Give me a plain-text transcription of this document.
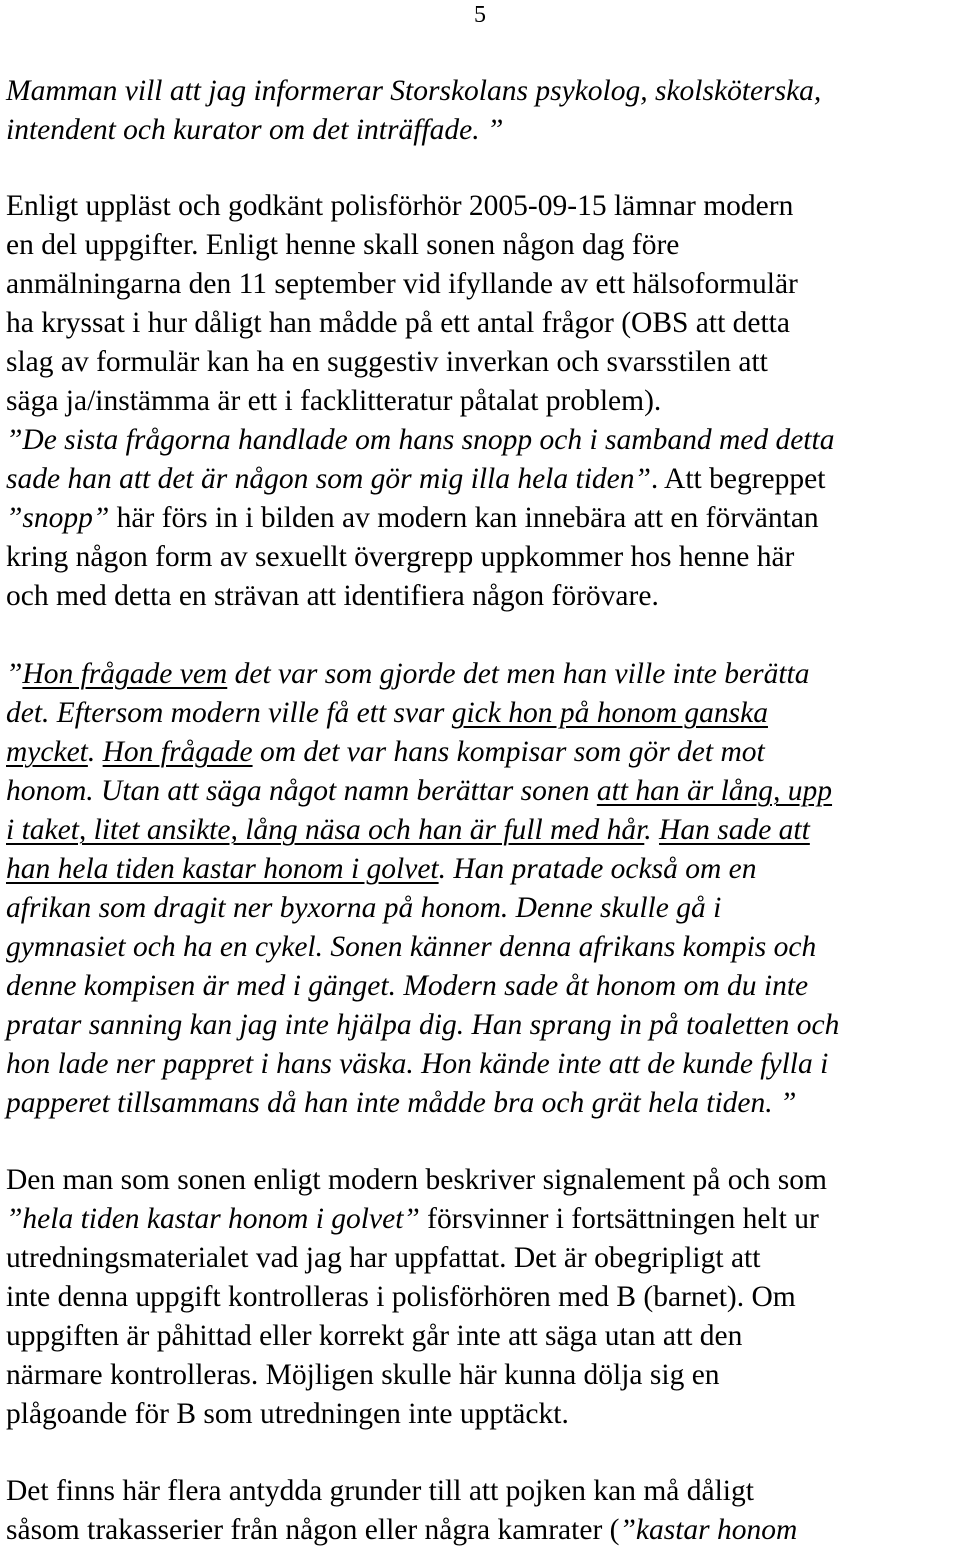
5
Mamman vill att jag informerar Storskolans psykolog, skolsköterska,
intendent och kurator om det inträffade. ”
Enligt uppläst och godkänt polisförhör 2005-09-15 lämnar modern
en del uppgifter. Enligt henne skall sonen någon dag före
anmälningarna den 11 september vid ifyllande av ett hälsoformulär
ha kryssat i hur dåligt han mådde på ett antal frågor (OBS att detta
slag av formulär kan ha en suggestiv inverkan och svarsstilen att
säga ja/instämma är ett i facklitteratur påtalat problem).
”De sista frågorna handlade om hans snopp och i samband med detta
sade han att det är någon som gör mig illa hela tiden”. Att begreppet
”snopp” här förs in i bilden av modern kan innebära att en förväntan
kring någon form av sexuellt övergrepp uppkommer hos henne här
och med detta en strävan att identifiera någon förövare.
”Hon frågade vem det var som gjorde det men han ville inte berätta
det. Eftersom modern ville få ett svar gick hon på honom ganska
mycket. Hon frågade om det var hans kompisar som gör det mot
honom. Utan att säga något namn berättar sonen att han är lång, upp
i taket, litet ansikte, lång näsa och han är full med hår. Han sade att
han hela tiden kastar honom i golvet. Han pratade också om en
afrikan som dragit ner byxorna på honom. Denne skulle gå i
gymnasiet och ha en cykel. Sonen känner denna afrikans kompis och
denne kompisen är med i gänget. Modern sade åt honom om du inte
pratar sanning kan jag inte hjälpa dig. Han sprang in på toaletten och
hon lade ner pappret i hans väska. Hon kände inte att de kunde fylla i
papperet tillsammans då han inte mådde bra och grät hela tiden. ”
Den man som sonen enligt modern beskriver signalement på och som
”hela tiden kastar honom i golvet” försvinner i fortsättningen helt ur
utredningsmaterialet vad jag har uppfattat. Det är obegripligt att
inte denna uppgift kontrolleras i polisförhören med B (barnet). Om
uppgiften är påhittad eller korrekt går inte att säga utan att den
närmare kontrolleras. Möjligen skulle här kunna dölja sig en
plågoande för B som utredningen inte upptäckt.
Det finns här flera antydda grunder till att pojken kan må dåligt
såsom trakasserier från någon eller några kamrater (”kastar honom
